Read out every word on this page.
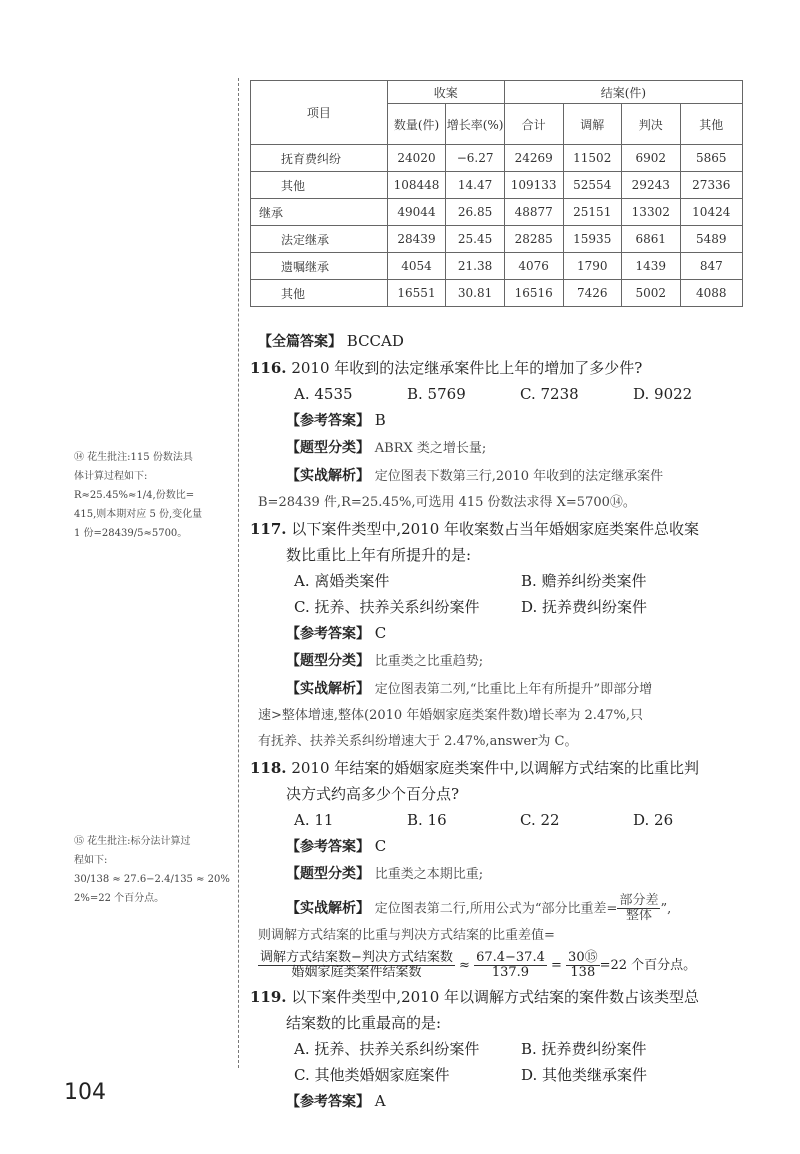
项目	收案		结案(件)			
	数量(件)	增长率(%)	合计	调解	判决	其他
抚育费纠纷	24020	−6.27	24269	11502	6902	5865
其他	108448	14.47	109133	52554	29243	27336
继承	49044	26.85	48877	25151	13302	10424
法定继承	28439	25.45	28285	15935	6861	5489
遗嘱继承	4054	21.38	4076	1790	1439	847
其他	16551	30.81	16516	7426	5002	4088

【全篇答案】 BCCAD

116. 2010 年收到的法定继承案件比上年的增加了多少件?

A. 4535	B. 5769	C. 7238	D. 9022

【参考答案】 B

【题型分类】 ABRX 类之增长量;

【实战解析】 定位图表下数第三行,2010 年收到的法定继承案件

B=28439 件,R=25.45%,可选用 415 份数法求得 X=5700⑭。

117. 以下案件类型中,2010 年收案数占当年婚姻家庭类案件总收案

数比重比上年有所提升的是:

A. 离婚类案件	B. 赡养纠纷类案件
C. 抚养、扶养关系纠纷案件	D. 抚养费纠纷案件

【参考答案】 C

【题型分类】 比重类之比重趋势;

【实战解析】 定位图表第二列,“比重比上年有所提升”即部分增

速>整体增速,整体(2010 年婚姻家庭类案件数)增长率为 2.47%,只

有抚养、扶养关系纠纷增速大于 2.47%,answer为 C。

118. 2010 年结案的婚姻家庭类案件中,以调解方式结案的比重比判

决方式约高多少个百分点?

A. 11	B. 16	C. 22	D. 26

【参考答案】 C

【题型分类】 比重类之本期比重;

【实战解析】 定位图表第二行,所用公式为“部分比重差= $\frac{\text{部分差}}{\text{整体}}$ ”,

则调解方式结案的比重与判决方式结案的比重差值=

$\frac{\text{调解方式结案数−判决方式结案数}}{\text{婚姻家庭类案件结案数}} \approx \frac{67.4-37.4}{137.9} = \frac{\text{30⑮}}{138} =22$ 个百分点。

119. 以下案件类型中,2010 年以调解方式结案的案件数占该类型总

结案数的比重最高的是:

A. 抚养、扶养关系纠纷案件	B. 抚养费纠纷案件
C. 其他类婚姻家庭案件	D. 其他类继承案件

【参考答案】 A

⑭ 花生批注:115 份数法具
体计算过程如下:
R≈25.45%≈1/4,份数比=
415,则本期对应 5 份,变化量
1 份=28439/5≈5700。
⑮ 花生批注:标分法计算过
程如下:
30/138 ≈ 27.6−2.4/135 ≈ 20%
2%=22 个百分点。
104
